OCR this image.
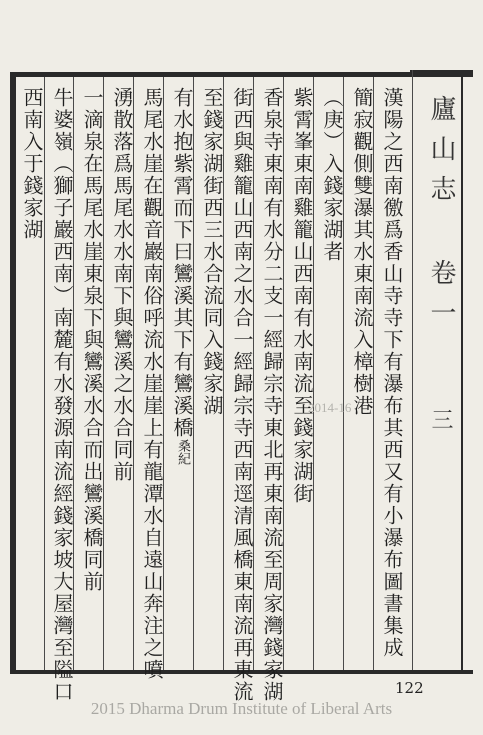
廬山志 卷一
三
漢陽之西南徼爲香山寺寺下有瀑布其西又有小瀑布圖書集成
簡寂觀側雙瀑其水東南流入樟樹港
（庚）入錢家湖者
紫霄峯東南雞籠山西南有水南流至錢家湖街
香泉寺東南有水分二支一經歸宗寺東北再東南流至周家灣錢家湖
街西與雞籠山西南之水合一經歸宗寺西南逕清風橋東南流再東流
至錢家湖街西三水合流同入錢家湖
有水抱紫霄而下曰鸞溪其下有鸞溪橋桑紀
馬尾水崖在觀音巖南俗呼流水崖崖上有龍潭水自遠山奔注之噴
湧散落爲馬尾水水南下與鸞溪之水合同前
一滴泉在馬尾水崖東泉下與鸞溪水合而出鸞溪橋同前
牛婆嶺（獅子巖西南）南麓有水發源南流經錢家坡大屋灣至隘口
西南入于錢家湖
2014-16
122
2015 Dharma Drum Institute of Liberal Arts
